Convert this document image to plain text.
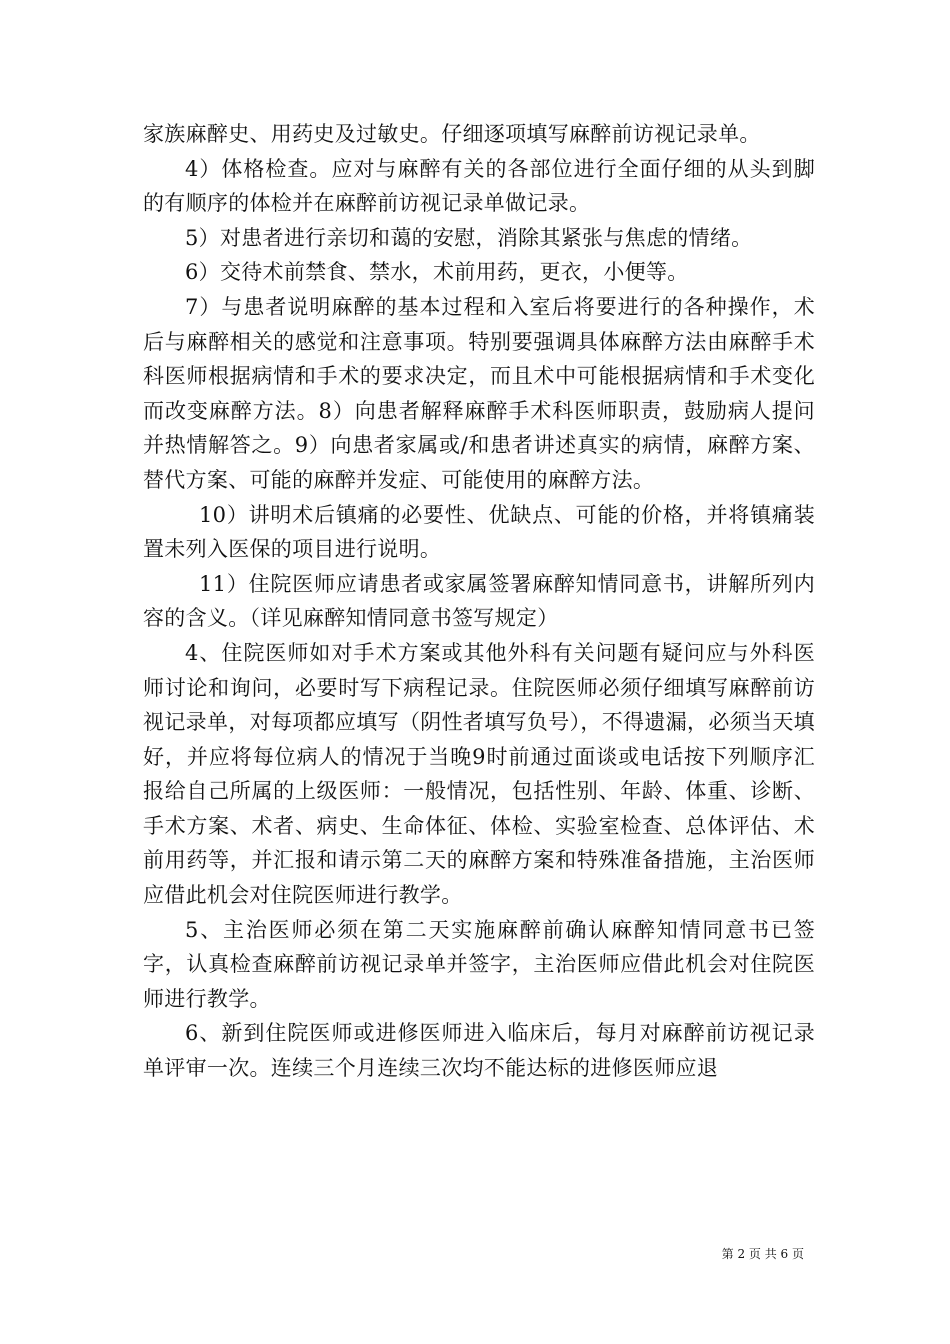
家族麻醉史、用药史及过敏史。仔细逐项填写麻醉前访视记录单。

4）体格检查。应对与麻醉有关的各部位进行全面仔细的从头到脚的有顺序的体检并在麻醉前访视记录单做记录。

5）对患者进行亲切和蔼的安慰，消除其紧张与焦虑的情绪。

6）交待术前禁食、禁水，术前用药，更衣，小便等。

7）与患者说明麻醉的基本过程和入室后将要进行的各种操作，术后与麻醉相关的感觉和注意事项。特别要强调具体麻醉方法由麻醉手术科医师根据病情和手术的要求决定，而且术中可能根据病情和手术变化而改变麻醉方法。8）向患者解释麻醉手术科医师职责，鼓励病人提问并热情解答之。9）向患者家属或/和患者讲述真实的病情，麻醉方案、替代方案、可能的麻醉并发症、可能使用的麻醉方法。

10）讲明术后镇痛的必要性、优缺点、可能的价格，并将镇痛装置未列入医保的项目进行说明。

11）住院医师应请患者或家属签署麻醉知情同意书，讲解所列内容的含义。（详见麻醉知情同意书签写规定）

4、住院医师如对手术方案或其他外科有关问题有疑问应与外科医师讨论和询问，必要时写下病程记录。住院医师必须仔细填写麻醉前访视记录单，对每项都应填写（阴性者填写负号），不得遗漏，必须当天填好，并应将每位病人的情况于当晚9时前通过面谈或电话按下列顺序汇报给自己所属的上级医师：一般情况，包括性别、年龄、体重、诊断、手术方案、术者、病史、生命体征、体检、实验室检查、总体评估、术前用药等，并汇报和请示第二天的麻醉方案和特殊准备措施，主治医师应借此机会对住院医师进行教学。

5、主治医师必须在第二天实施麻醉前确认麻醉知情同意书已签字，认真检查麻醉前访视记录单并签字，主治医师应借此机会对住院医师进行教学。

6、新到住院医师或进修医师进入临床后，每月对麻醉前访视记录单评审一次。连续三个月连续三次均不能达标的进修医师应退

第 2 页 共 6 页
